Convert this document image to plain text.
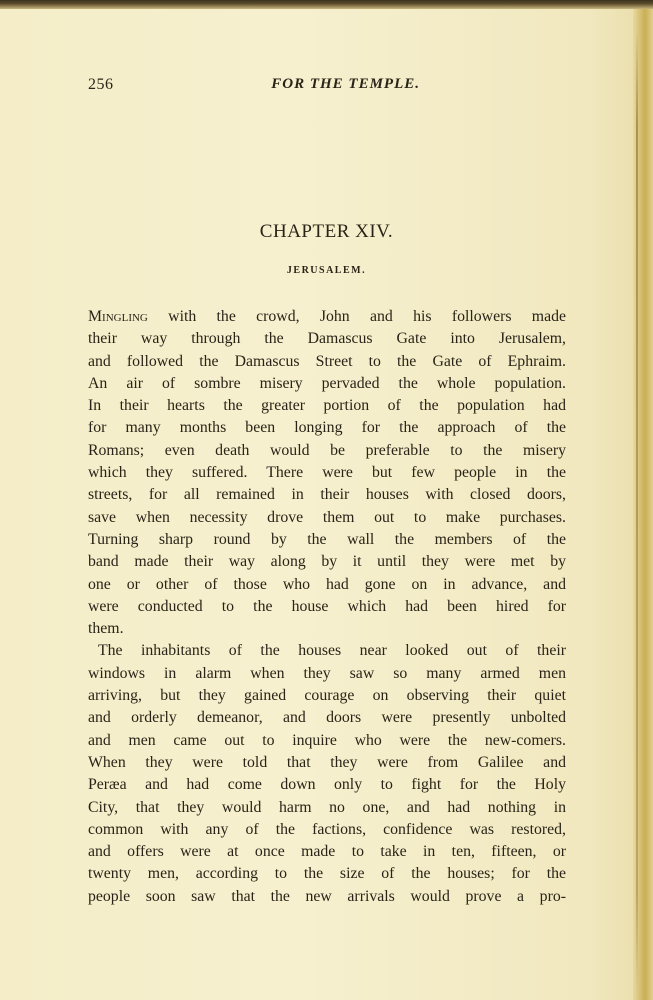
256	FOR THE TEMPLE.
CHAPTER XIV.
JERUSALEM.
Mingling with the crowd, John and his followers made
their way through the Damascus Gate into Jerusalem,
and followed the Damascus Street to the Gate of Ephraim.
An air of sombre misery pervaded the whole population.
In their hearts the greater portion of the population had
for many months been longing for the approach of the
Romans; even death would be preferable to the misery
which they suffered. There were but few people in the
streets, for all remained in their houses with closed doors,
save when necessity drove them out to make purchases.
Turning sharp round by the wall the members of the
band made their way along by it until they were met by
one or other of those who had gone on in advance, and
were conducted to the house which had been hired for
them.
The inhabitants of the houses near looked out of their
windows in alarm when they saw so many armed men
arriving, but they gained courage on observing their quiet
and orderly demeanor, and doors were presently unbolted
and men came out to inquire who were the new-comers.
When they were told that they were from Galilee and
Peræa and had come down only to fight for the Holy
City, that they would harm no one, and had nothing in
common with any of the factions, confidence was restored,
and offers were at once made to take in ten, fifteen, or
twenty men, according to the size of the houses; for the
people soon saw that the new arrivals would prove a pro-
